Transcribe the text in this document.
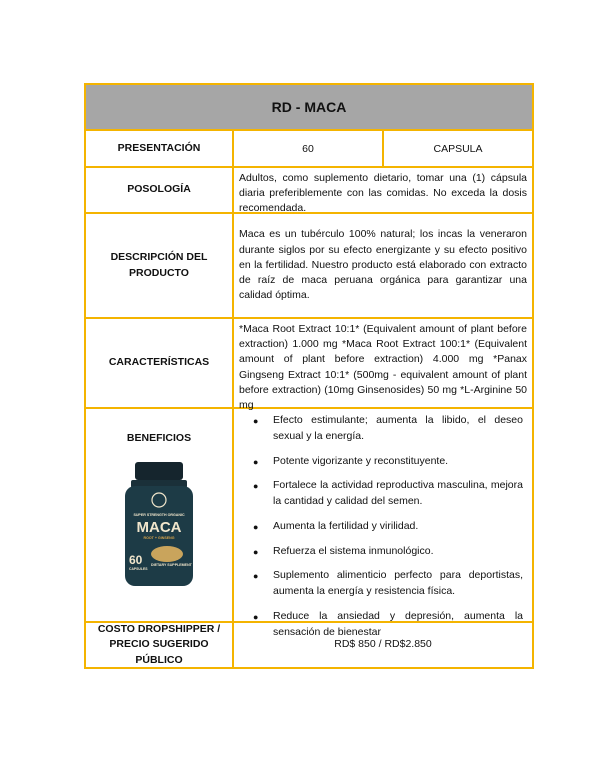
RD - MACA
PRESENTACIÓN	60	CAPSULA
POSOLOGÍA
Adultos, como suplemento dietario, tomar una (1) cápsula diaria preferiblemente con las comidas. No exceda la dosis recomendada.
DESCRIPCIÓN DEL PRODUCTO
Maca es un tubérculo 100% natural; los incas la veneraron durante siglos por su efecto energizante y su efecto positivo en la fertilidad. Nuestro producto está elaborado con extracto de raíz de maca peruana orgánica para garantizar una calidad óptima.
CARACTERÍSTICAS
*Maca Root Extract 10:1* (Equivalent amount of plant before extraction) 1.000 mg *Maca Root Extract 100:1* (Equivalent amount of plant before extraction) 4.000 mg *Panax Gingseng Extract 10:1* (500mg - equivalent amount of plant before extraction) (10mg Ginsenosides) 50 mg *L-Arginine 50 mg
BENEFICIOS
SUPER STRENGTH ORGANIC
MACA
ROOT + GINSENG
60
CAPSULES
DIETARY SUPPLEMENT
● Efecto estimulante; aumenta la libido, el deseo sexual y la energía.
● Potente vigorizante y reconstituyente.
● Fortalece la actividad reproductiva masculina, mejora la cantidad y calidad del semen.
● Aumenta la fertilidad y virilidad.
● Refuerza el sistema inmunológico.
● Suplemento alimenticio perfecto para deportistas, aumenta la energía y resistencia física.
● Reduce la ansiedad y depresión, aumenta la sensación de bienestar
COSTO DROPSHIPPER / PRECIO SUGERIDO PÚBLICO
RD$ 850 / RD$2.850
